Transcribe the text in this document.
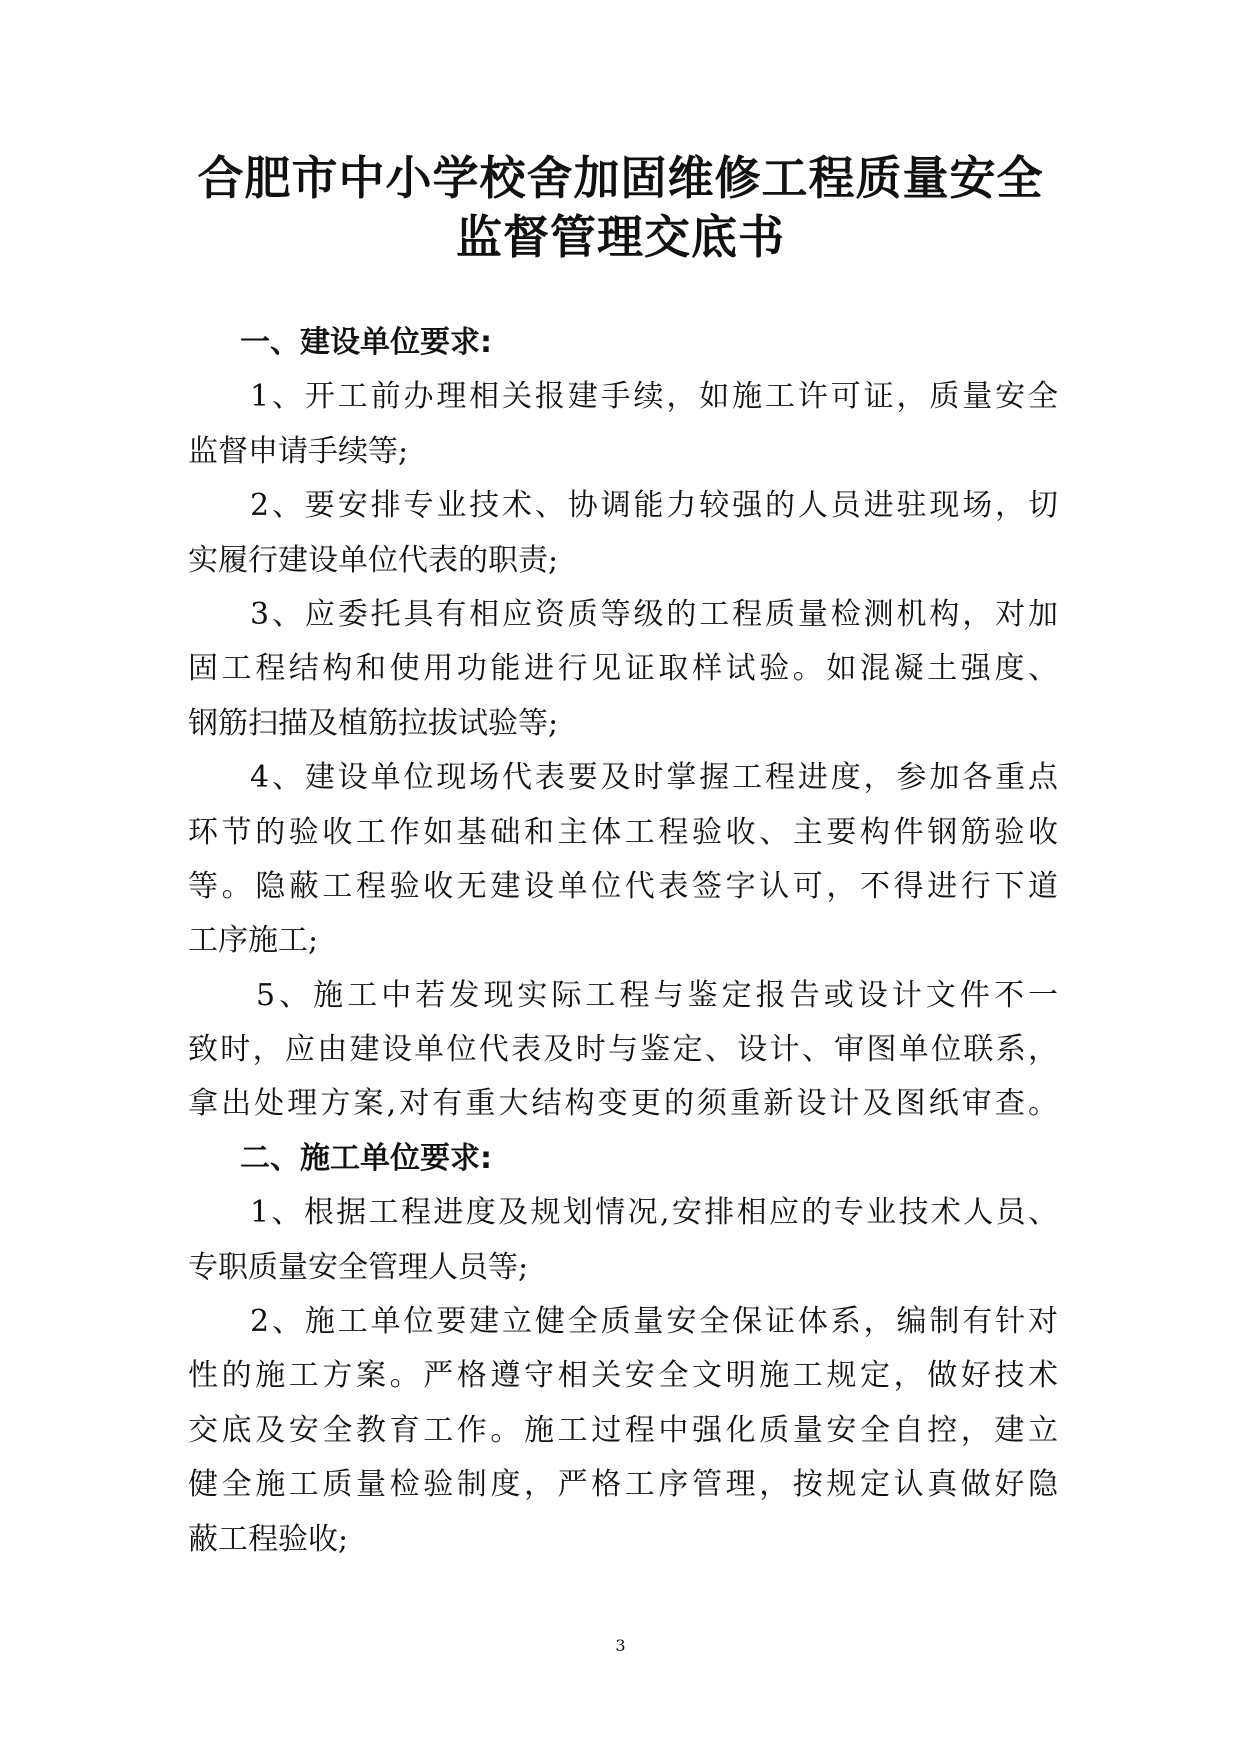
合肥市中小学校舍加固维修工程质量安全
监督管理交底书
一、建设单位要求:
1、开工前办理相关报建手续，如施工许可证，质量安全
监督申请手续等;
2、要安排专业技术、协调能力较强的人员进驻现场，切
实履行建设单位代表的职责;
3、应委托具有相应资质等级的工程质量检测机构，对加
固工程结构和使用功能进行见证取样试验。如混凝土强度、
钢筋扫描及植筋拉拔试验等;
4、建设单位现场代表要及时掌握工程进度，参加各重点
环节的验收工作如基础和主体工程验收、主要构件钢筋验收
等。隐蔽工程验收无建设单位代表签字认可，不得进行下道
工序施工;
5、施工中若发现实际工程与鉴定报告或设计文件不一
致时，应由建设单位代表及时与鉴定、设计、审图单位联系，
拿出处理方案,对有重大结构变更的须重新设计及图纸审查。
二、施工单位要求:
1、根据工程进度及规划情况,安排相应的专业技术人员、
专职质量安全管理人员等;
2、施工单位要建立健全质量安全保证体系，编制有针对
性的施工方案。严格遵守相关安全文明施工规定，做好技术
交底及安全教育工作。施工过程中强化质量安全自控，建立
健全施工质量检验制度，严格工序管理，按规定认真做好隐
蔽工程验收;
3
